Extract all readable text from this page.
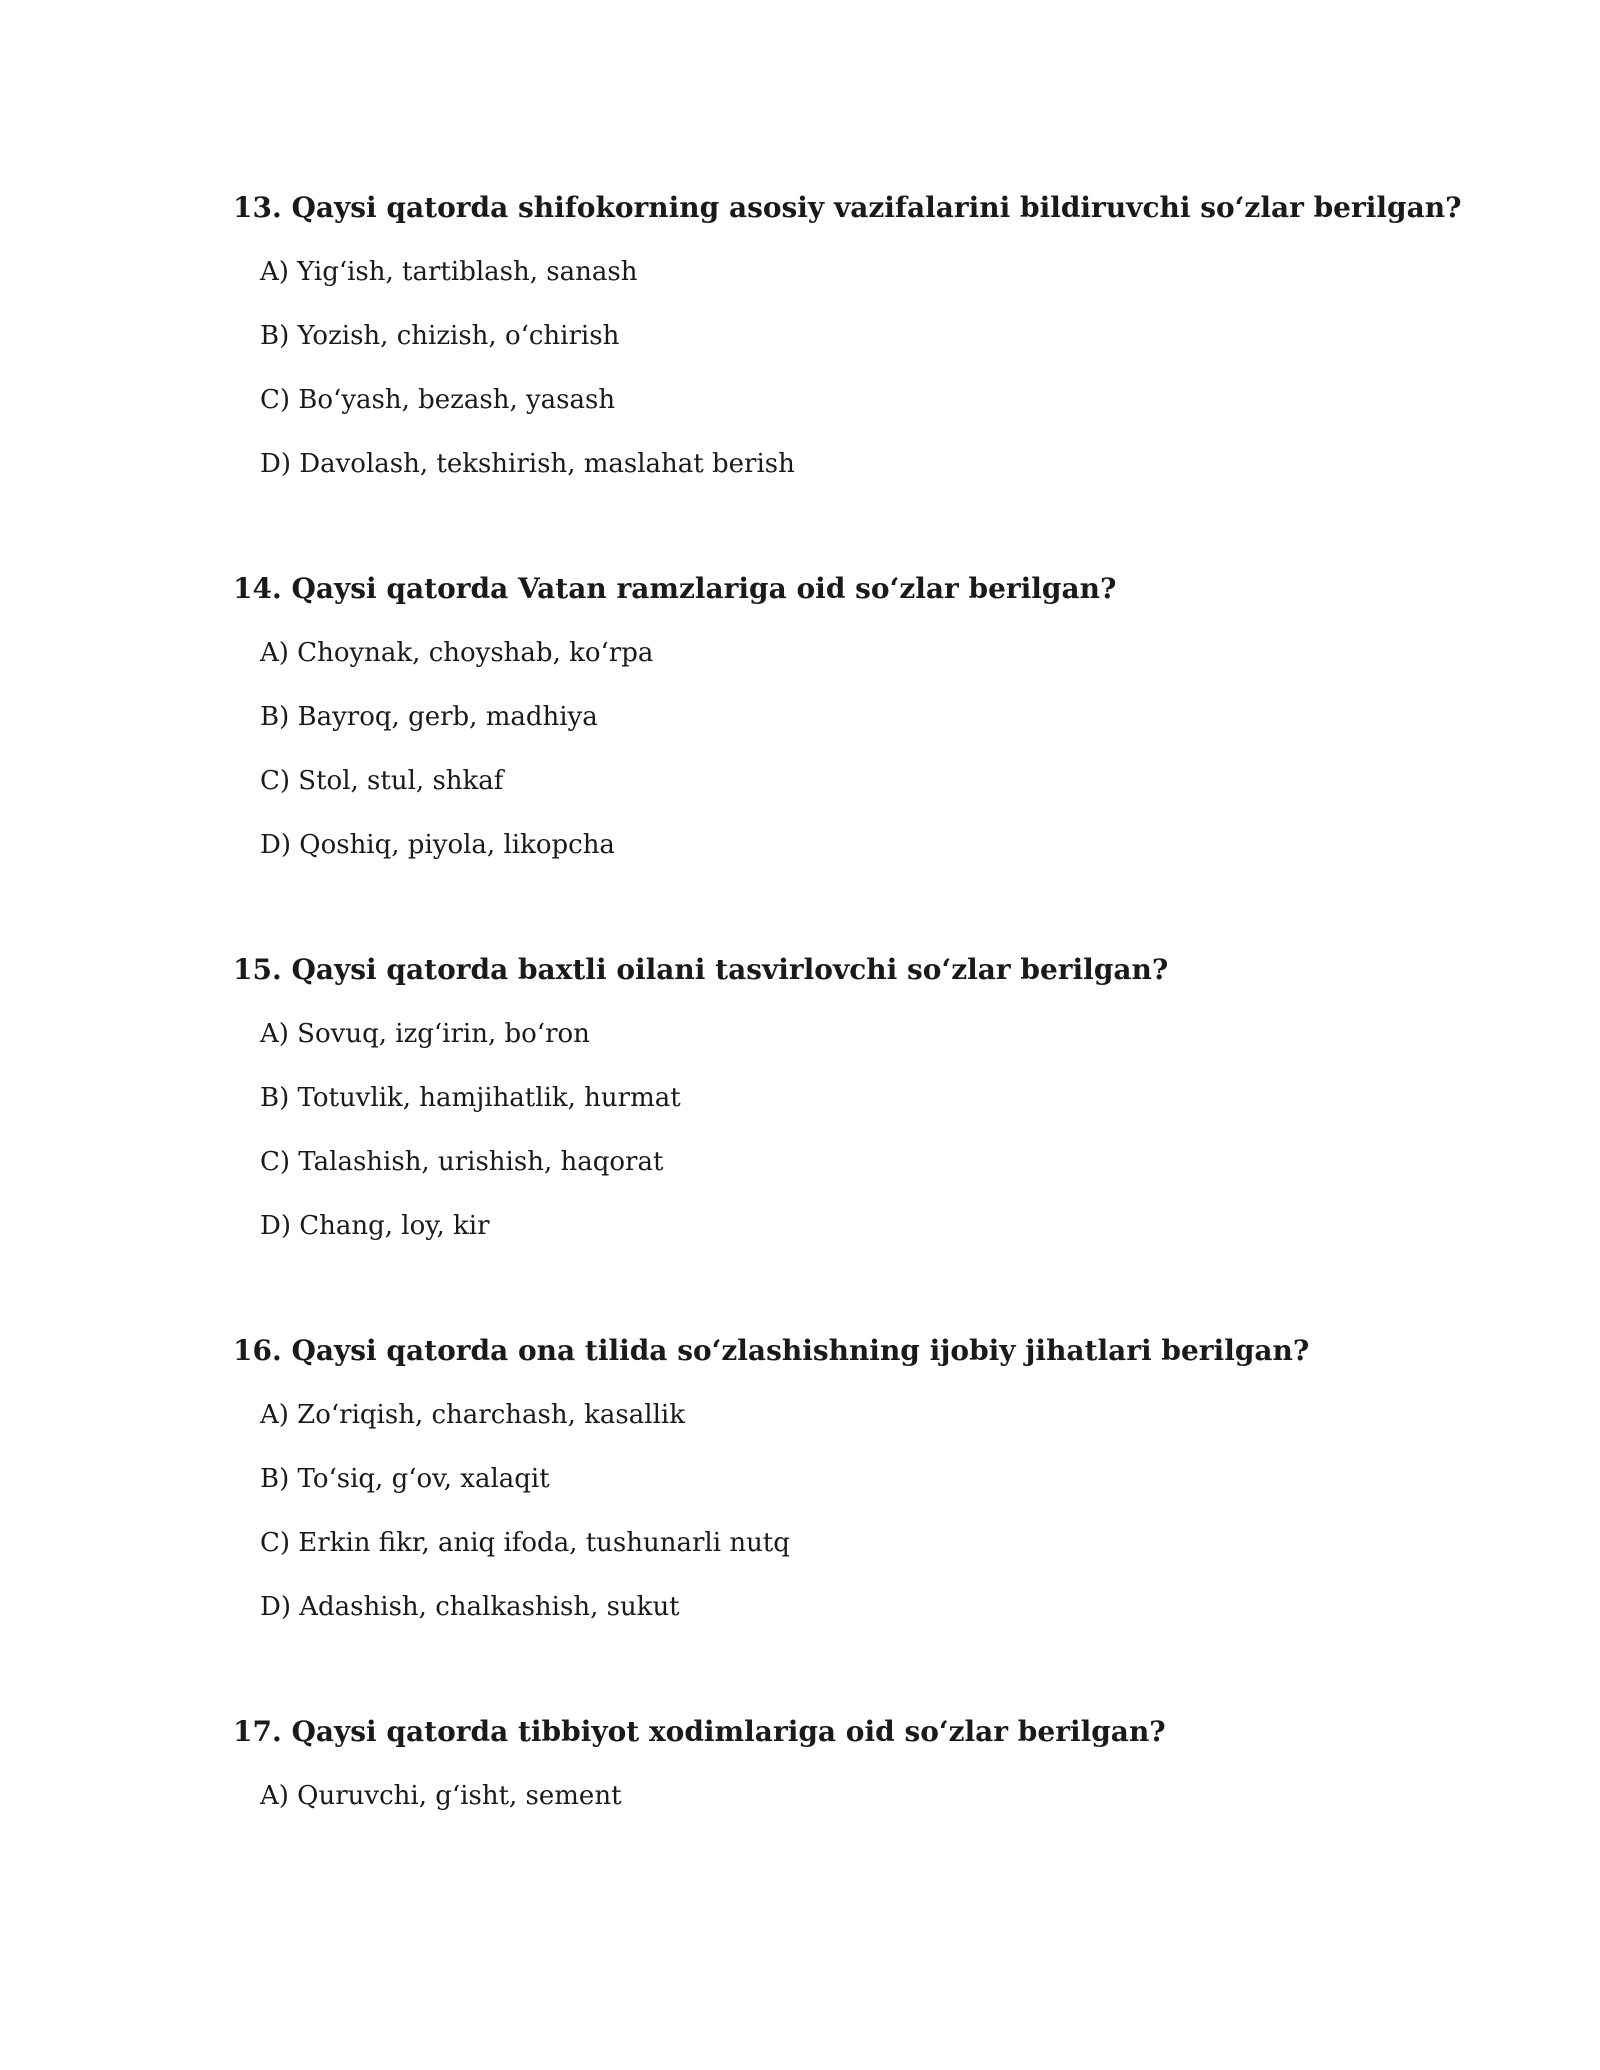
13. Qaysi qatorda shifokorning asosiy vazifalarini bildiruvchi so‘zlar berilgan?
A) Yig‘ish, tartiblash, sanash
B) Yozish, chizish, o‘chirish
C) Bo‘yash, bezash, yasash
D) Davolash, tekshirish, maslahat berish
14. Qaysi qatorda Vatan ramzlariga oid so‘zlar berilgan?
A) Choynak, choyshab, ko‘rpa
B) Bayroq, gerb, madhiya
C) Stol, stul, shkaf
D) Qoshiq, piyola, likopcha
15. Qaysi qatorda baxtli oilani tasvirlovchi so‘zlar berilgan?
A) Sovuq, izg‘irin, bo‘ron
B) Totuvlik, hamjihatlik, hurmat
C) Talashish, urishish, haqorat
D) Chang, loy, kir
16. Qaysi qatorda ona tilida so‘zlashishning ijobiy jihatlari berilgan?
A) Zo‘riqish, charchash, kasallik
B) To‘siq, g‘ov, xalaqit
C) Erkin fikr, aniq ifoda, tushunarli nutq
D) Adashish, chalkashish, sukut
17. Qaysi qatorda tibbiyot xodimlariga oid so‘zlar berilgan?
A) Quruvchi, g‘isht, sement
